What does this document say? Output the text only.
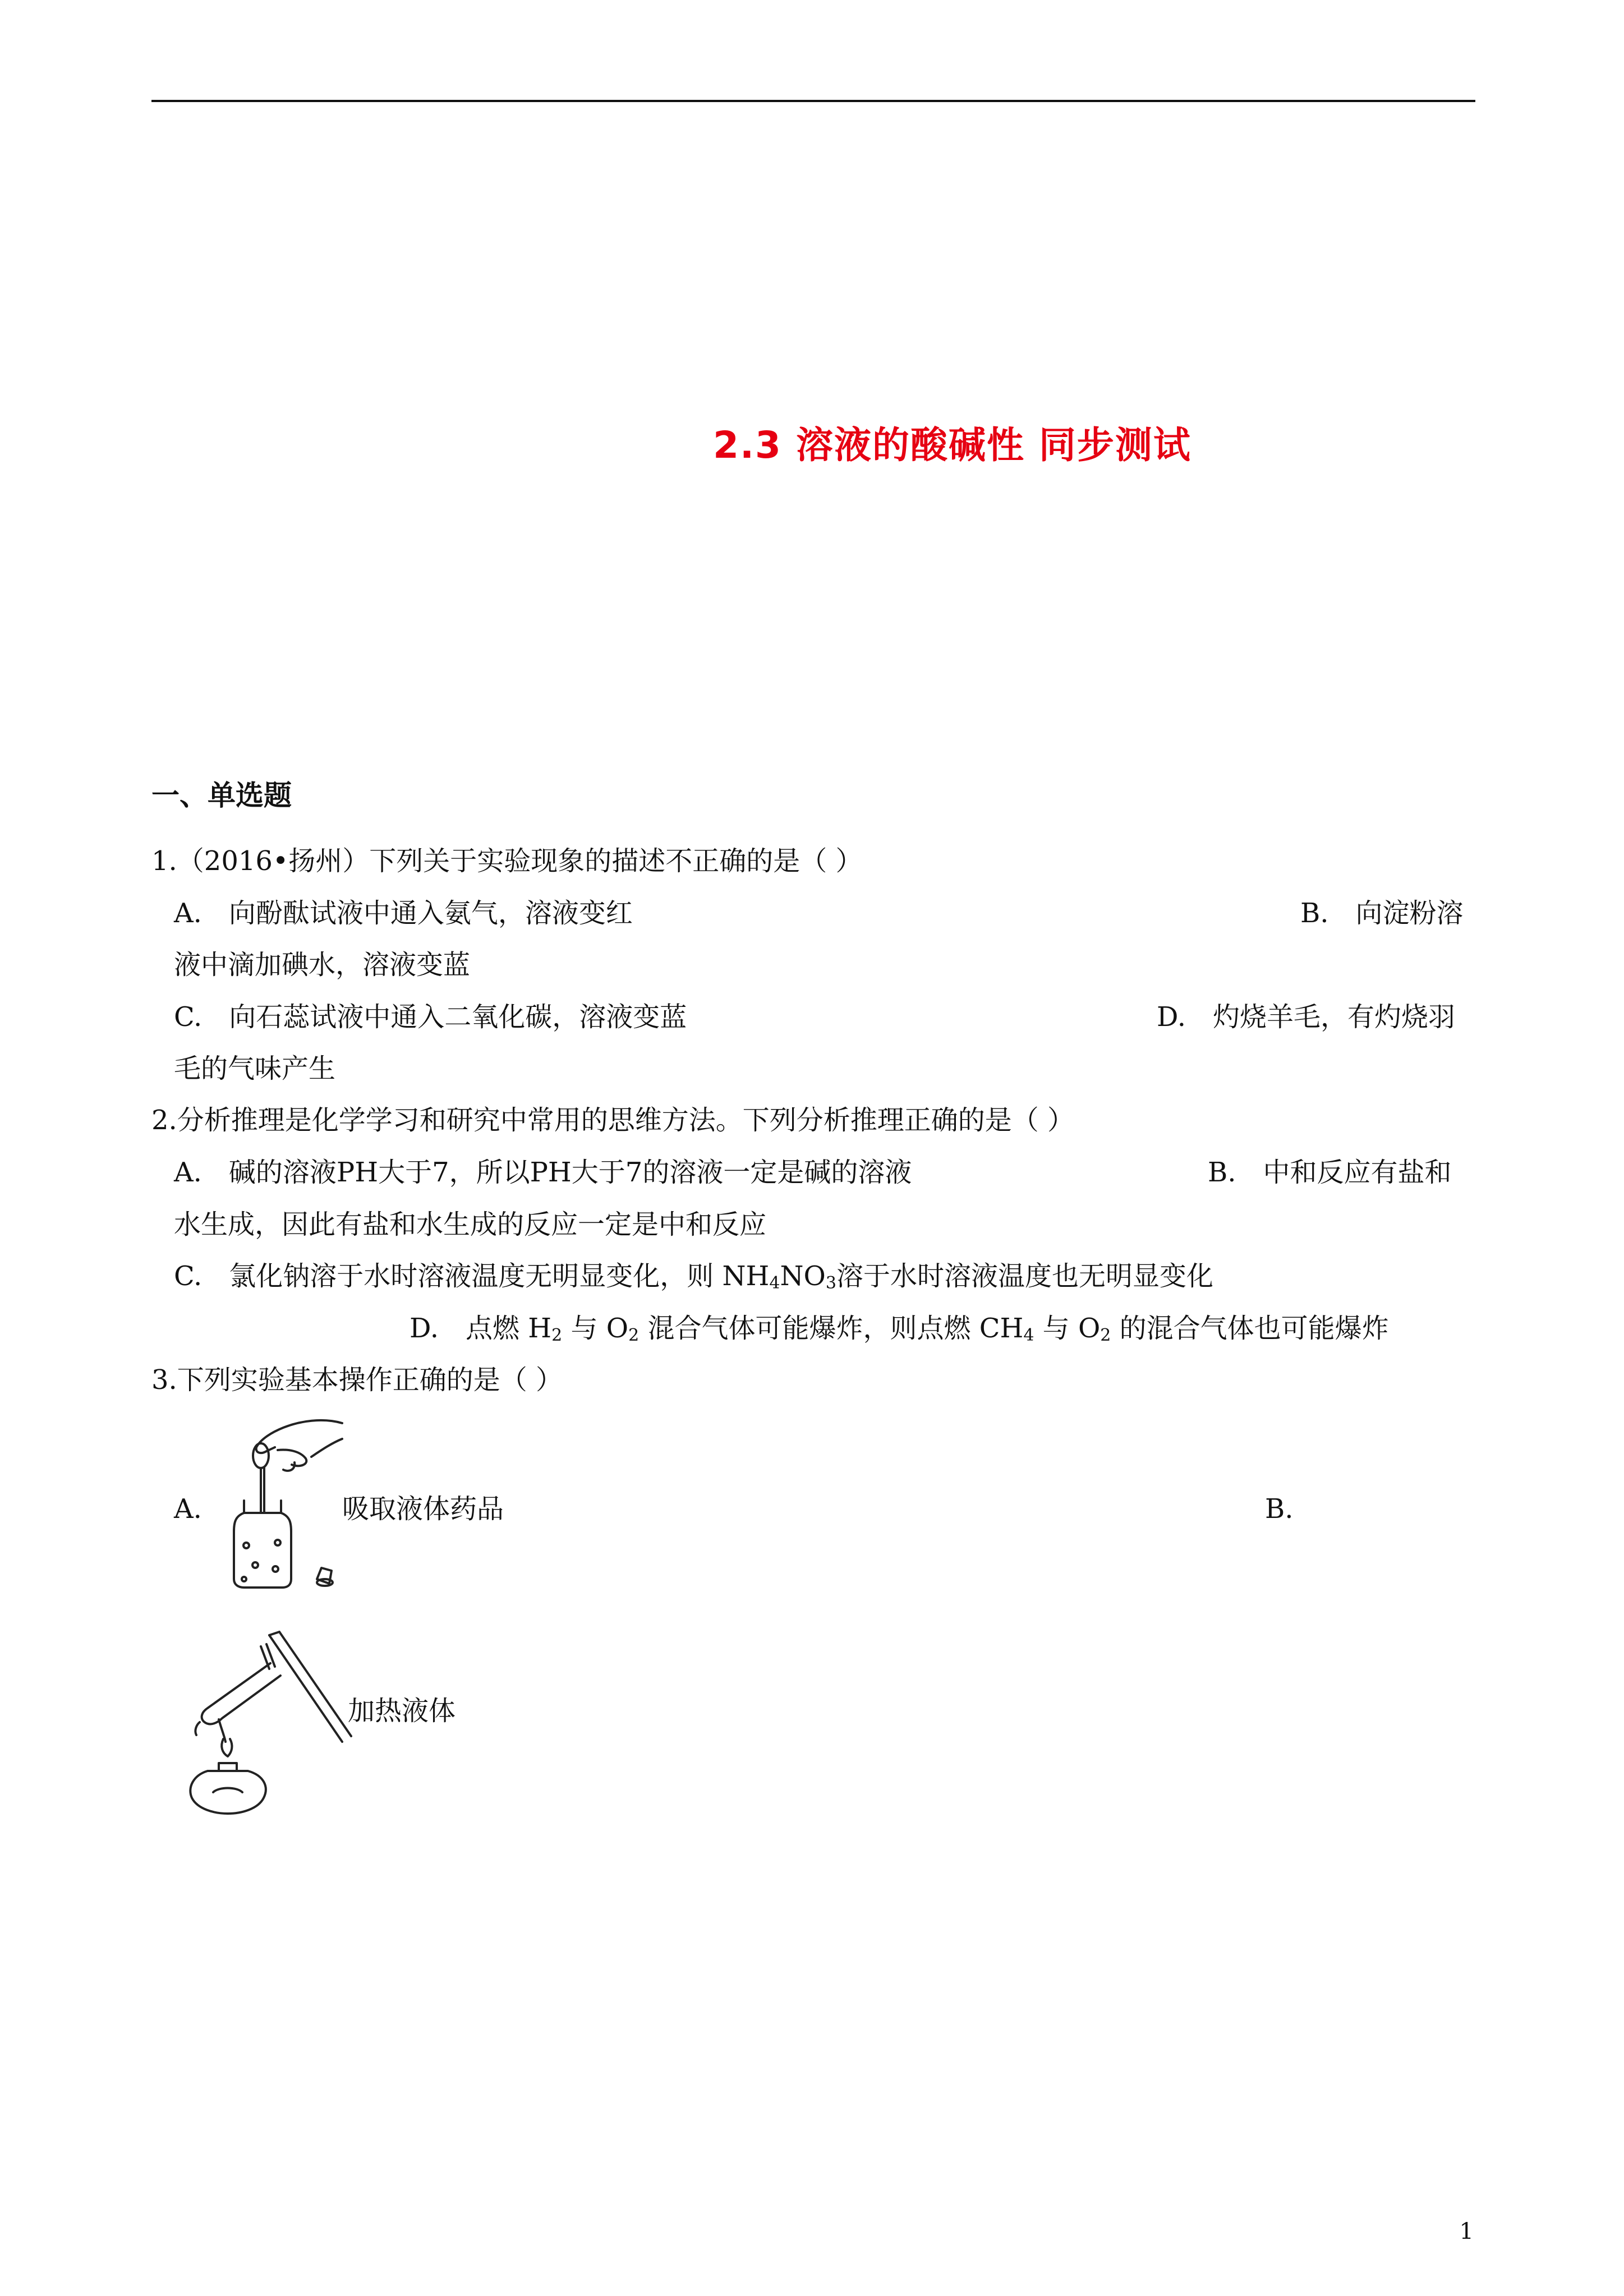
2.3 溶液的酸碱性 同步测试
一、单选题
1.（2016•扬州）下列关于实验现象的描述不正确的是（ ）
A.　向酚酞试液中通入氨气，溶液变红	B.　向淀粉溶
液中滴加碘水，溶液变蓝
C.　向石蕊试液中通入二氧化碳，溶液变蓝	D.　灼烧羊毛，有灼烧羽
毛的气味产生
2.分析推理是化学学习和研究中常用的思维方法。下列分析推理正确的是（ ）
A.　碱的溶液PH大于7，所以PH大于7的溶液一定是碱的溶液	B.　中和反应有盐和
水生成，因此有盐和水生成的反应一定是中和反应
C.　氯化钠溶于水时溶液温度无明显变化，则 $NH_4NO_3$溶于水时溶液温度也无明显变化
D.　点燃 $H_2$ 与 $O_2$ 混合气体可能爆炸，则点燃 $CH_4$ 与 $O_2$ 的混合气体也可能爆炸
3.下列实验基本操作正确的是（ ）
A.	吸取液体药品	B.
加热液体
1
